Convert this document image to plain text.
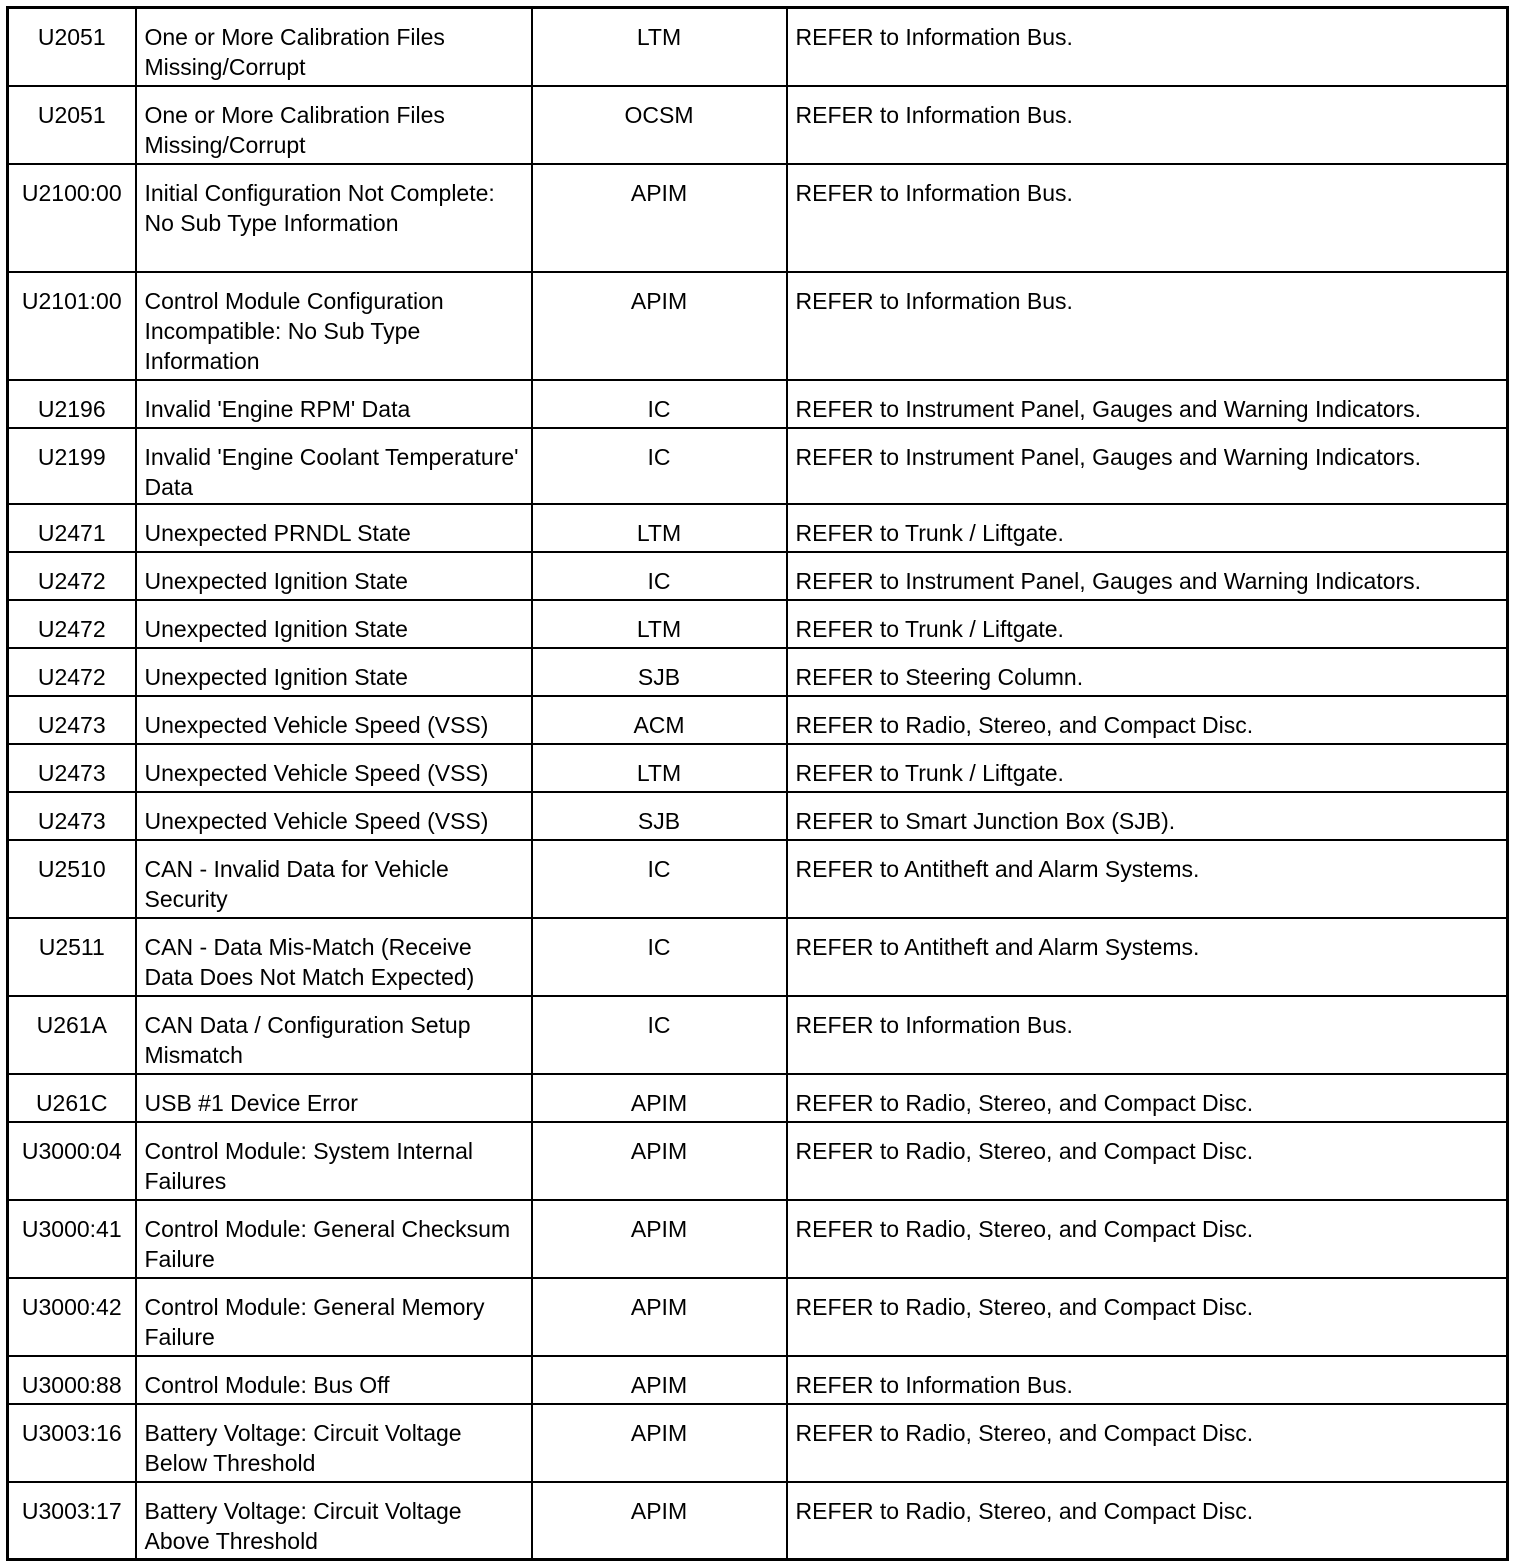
U2051	One or More Calibration Files Missing/Corrupt	LTM	REFER to Information Bus.
U2051	One or More Calibration Files Missing/Corrupt	OCSM	REFER to Information Bus.
U2100:00	Initial Configuration Not Complete: No Sub Type Information	APIM	REFER to Information Bus.
U2101:00	Control Module Configuration Incompatible: No Sub Type Information	APIM	REFER to Information Bus.
U2196	Invalid 'Engine RPM' Data	IC	REFER to Instrument Panel, Gauges and Warning Indicators.
U2199	Invalid 'Engine Coolant Temperature' Data	IC	REFER to Instrument Panel, Gauges and Warning Indicators.
U2471	Unexpected PRNDL State	LTM	REFER to Trunk / Liftgate.
U2472	Unexpected Ignition State	IC	REFER to Instrument Panel, Gauges and Warning Indicators.
U2472	Unexpected Ignition State	LTM	REFER to Trunk / Liftgate.
U2472	Unexpected Ignition State	SJB	REFER to Steering Column.
U2473	Unexpected Vehicle Speed (VSS)	ACM	REFER to Radio, Stereo, and Compact Disc.
U2473	Unexpected Vehicle Speed (VSS)	LTM	REFER to Trunk / Liftgate.
U2473	Unexpected Vehicle Speed (VSS)	SJB	REFER to Smart Junction Box (SJB).
U2510	CAN - Invalid Data for Vehicle Security	IC	REFER to Antitheft and Alarm Systems.
U2511	CAN - Data Mis-Match (Receive Data Does Not Match Expected)	IC	REFER to Antitheft and Alarm Systems.
U261A	CAN Data / Configuration Setup Mismatch	IC	REFER to Information Bus.
U261C	USB #1 Device Error	APIM	REFER to Radio, Stereo, and Compact Disc.
U3000:04	Control Module: System Internal Failures	APIM	REFER to Radio, Stereo, and Compact Disc.
U3000:41	Control Module: General Checksum Failure	APIM	REFER to Radio, Stereo, and Compact Disc.
U3000:42	Control Module: General Memory Failure	APIM	REFER to Radio, Stereo, and Compact Disc.
U3000:88	Control Module: Bus Off	APIM	REFER to Information Bus.
U3003:16	Battery Voltage: Circuit Voltage Below Threshold	APIM	REFER to Radio, Stereo, and Compact Disc.
U3003:17	Battery Voltage: Circuit Voltage Above Threshold	APIM	REFER to Radio, Stereo, and Compact Disc.
